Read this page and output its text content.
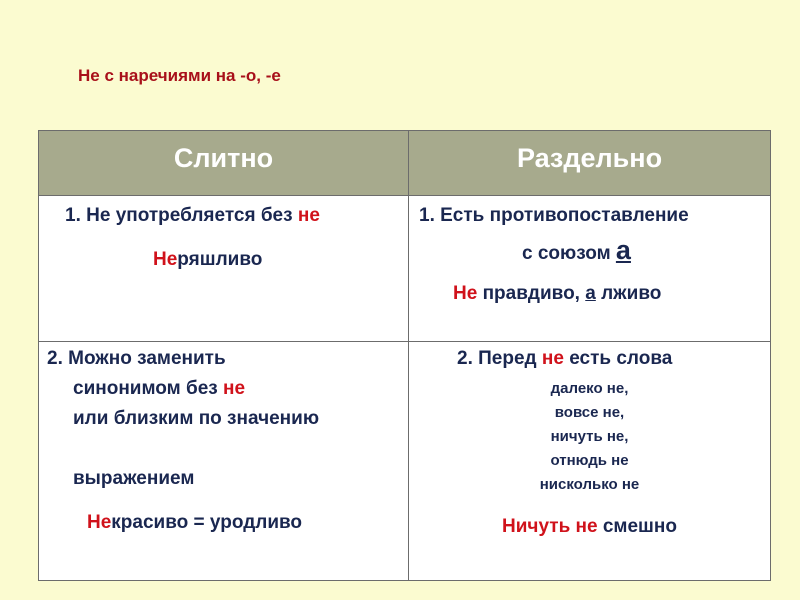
Не с наречиями на -о, -е
Слитно	Раздельно
1. Не употребляется без не
Неряшливо
1. Есть противопоставление
с союзом а
Не правдиво, а лживо
2. Можно заменить
синонимом без не
или близким по значению
выражением
Некрасиво = уродливо
2. Перед не есть слова
далеко не,
вовсе не,
ничуть не,
отнюдь не
нисколько не
Ничуть не смешно
